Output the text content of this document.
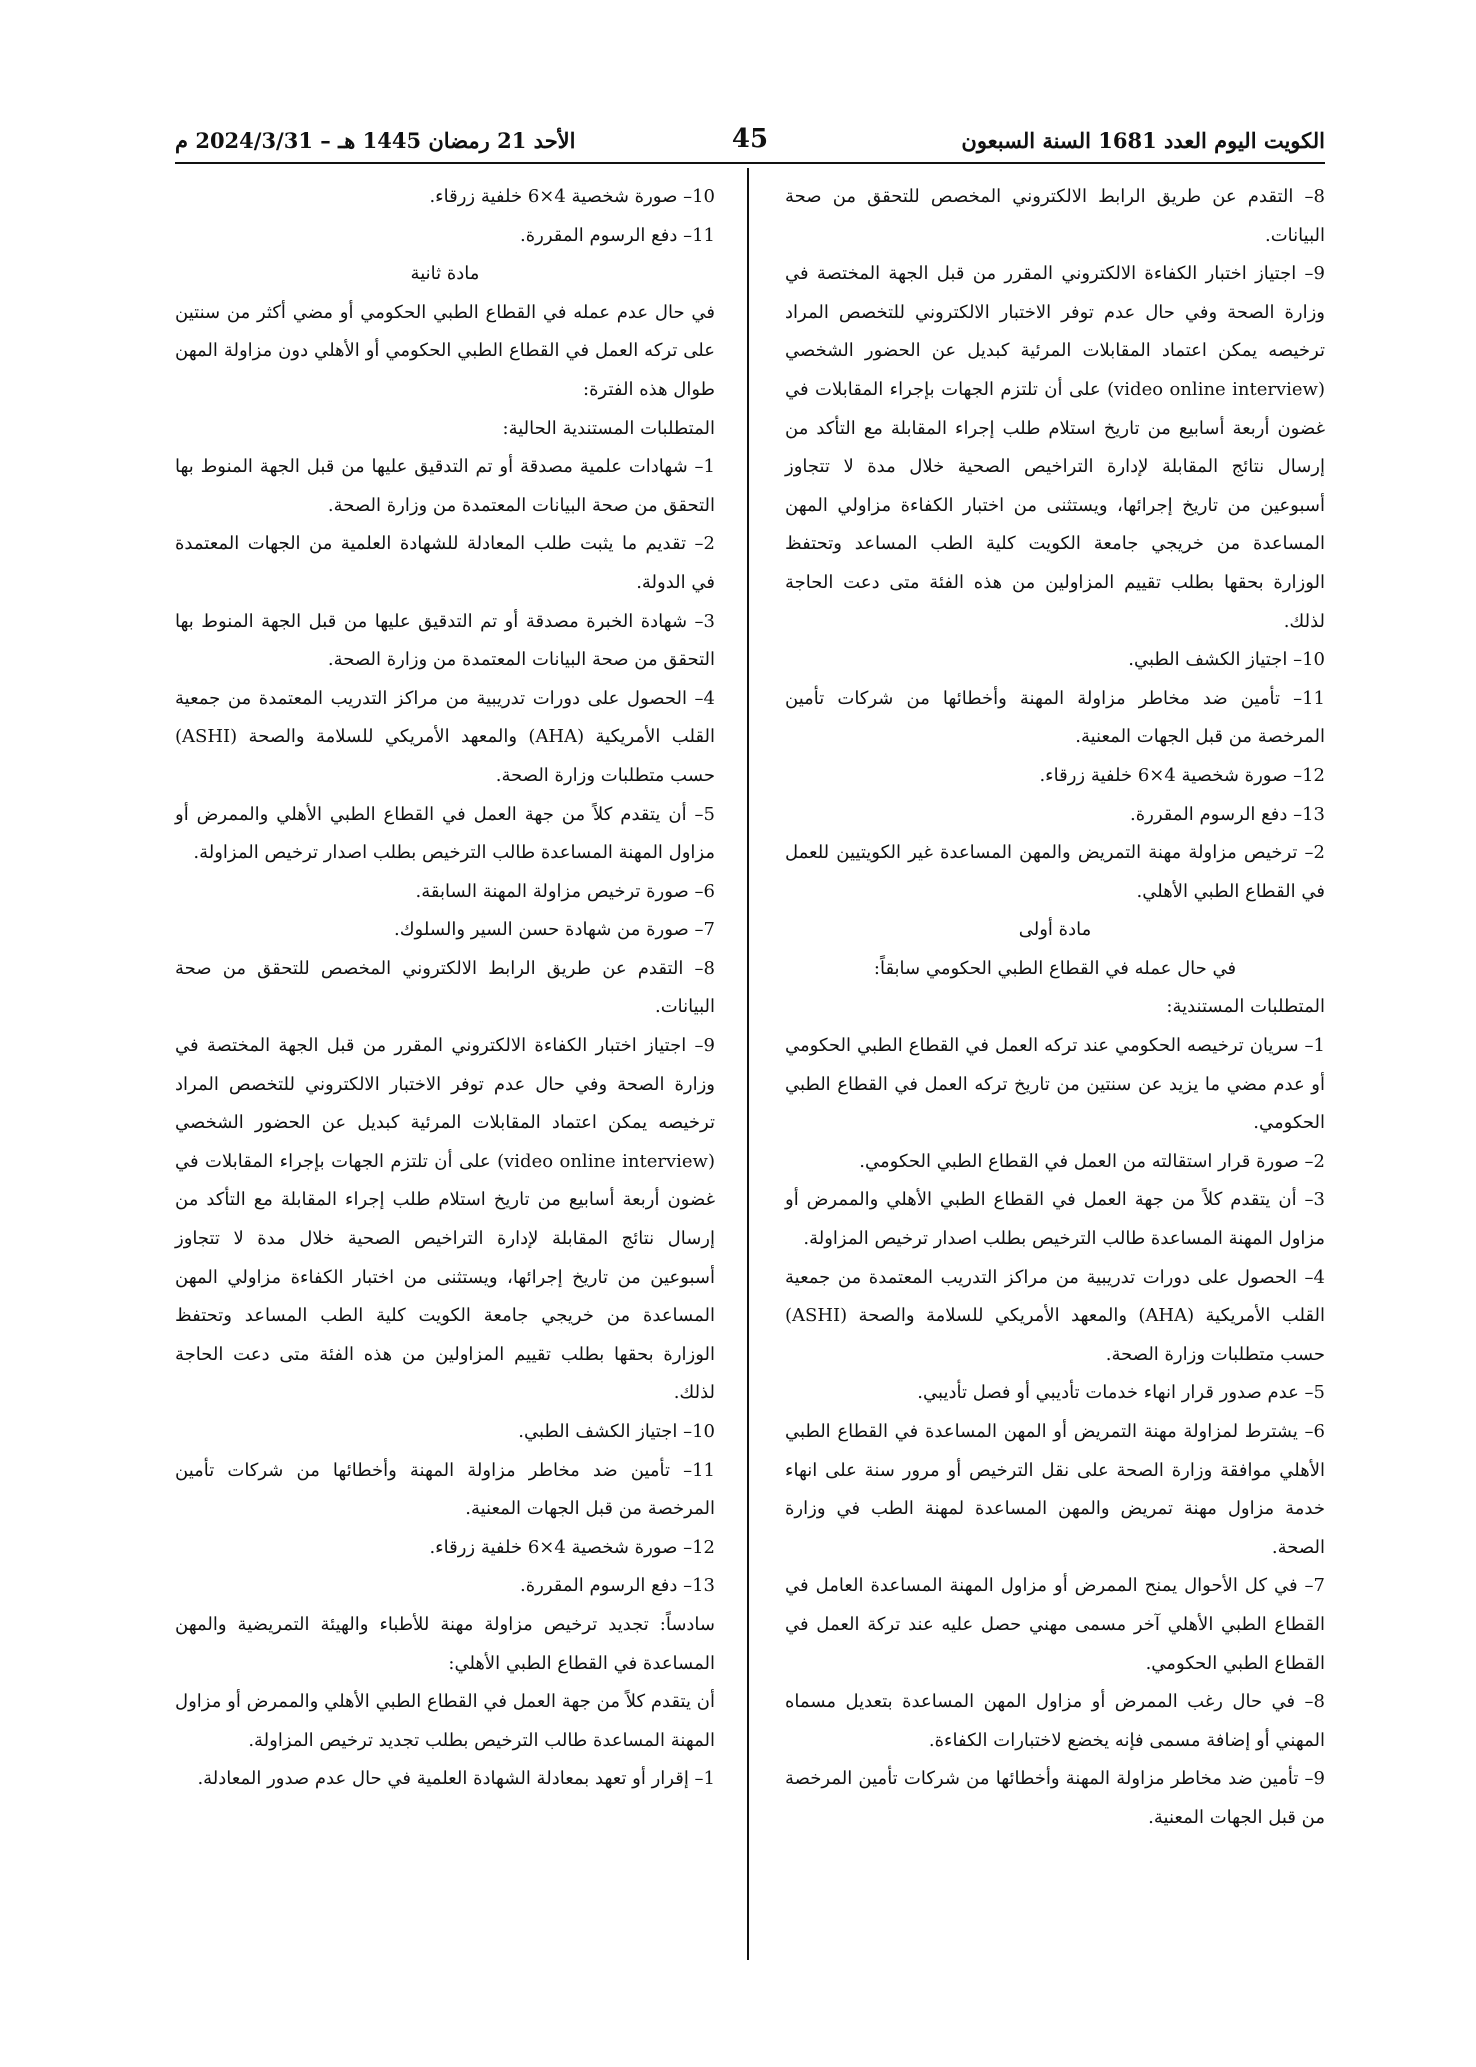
الكويت اليوم العدد 1681 السنة السبعون
45
الأحد 21 رمضان 1445 هـ – 2024/3/31 م

8– التقدم عن طريق الرابط الالكتروني المخصص للتحقق من صحة البيانات.

9– اجتياز اختبار الكفاءة الالكتروني المقرر من قبل الجهة المختصة في وزارة الصحة وفي حال عدم توفر الاختبار الالكتروني للتخصص المراد ترخيصه يمكن اعتماد المقابلات المرئية كبديل عن الحضور الشخصي (video online interview) على أن تلتزم الجهات بإجراء المقابلات في غضون أربعة أسابيع من تاريخ استلام طلب إجراء المقابلة مع التأكد من إرسال نتائج المقابلة لإدارة التراخيص الصحية خلال مدة لا تتجاوز أسبوعين من تاريخ إجرائها، ويستثنى من اختبار الكفاءة مزاولي المهن المساعدة من خريجي جامعة الكويت كلية الطب المساعد وتحتفظ الوزارة بحقها بطلب تقييم المزاولين من هذه الفئة متى دعت الحاجة لذلك.

10– اجتياز الكشف الطبي.

11– تأمين ضد مخاطر مزاولة المهنة وأخطائها من شركات تأمين المرخصة من قبل الجهات المعنية.

12– صورة شخصية 4×6 خلفية زرقاء.

13– دفع الرسوم المقررة.

2– ترخيص مزاولة مهنة التمريض والمهن المساعدة غير الكويتيين للعمل في القطاع الطبي الأهلي.

مادة أولى

في حال عمله في القطاع الطبي الحكومي سابقاً:

المتطلبات المستندية:

1– سريان ترخيصه الحكومي عند تركه العمل في القطاع الطبي الحكومي أو عدم مضي ما يزيد عن سنتين من تاريخ تركه العمل في القطاع الطبي الحكومي.

2– صورة قرار استقالته من العمل في القطاع الطبي الحكومي.

3– أن يتقدم كلاً من جهة العمل في القطاع الطبي الأهلي والممرض أو مزاول المهنة المساعدة طالب الترخيص بطلب اصدار ترخيص المزاولة.

4– الحصول على دورات تدريبية من مراكز التدريب المعتمدة من جمعية القلب الأمريكية (AHA) والمعهد الأمريكي للسلامة والصحة (ASHI) حسب متطلبات وزارة الصحة.

5– عدم صدور قرار انهاء خدمات تأديبي أو فصل تأديبي.

6– يشترط لمزاولة مهنة التمريض أو المهن المساعدة في القطاع الطبي الأهلي موافقة وزارة الصحة على نقل الترخيص أو مرور سنة على انهاء خدمة مزاول مهنة تمريض والمهن المساعدة لمهنة الطب في وزارة الصحة.

7– في كل الأحوال يمنح الممرض أو مزاول المهنة المساعدة العامل في القطاع الطبي الأهلي آخر مسمى مهني حصل عليه عند تركة العمل في القطاع الطبي الحكومي.

8– في حال رغب الممرض أو مزاول المهن المساعدة بتعديل مسماه المهني أو إضافة مسمى فإنه يخضع لاختبارات الكفاءة.

9– تأمين ضد مخاطر مزاولة المهنة وأخطائها من شركات تأمين المرخصة من قبل الجهات المعنية.

10– صورة شخصية 4×6 خلفية زرقاء.

11– دفع الرسوم المقررة.

مادة ثانية

في حال عدم عمله في القطاع الطبي الحكومي أو مضي أكثر من سنتين على تركه العمل في القطاع الطبي الحكومي أو الأهلي دون مزاولة المهن طوال هذه الفترة:

المتطلبات المستندية الحالية:

1– شهادات علمية مصدقة أو تم التدقيق عليها من قبل الجهة المنوط بها التحقق من صحة البيانات المعتمدة من وزارة الصحة.

2– تقديم ما يثبت طلب المعادلة للشهادة العلمية من الجهات المعتمدة في الدولة.

3– شهادة الخبرة مصدقة أو تم التدقيق عليها من قبل الجهة المنوط بها التحقق من صحة البيانات المعتمدة من وزارة الصحة.

4– الحصول على دورات تدريبية من مراكز التدريب المعتمدة من جمعية القلب الأمريكية (AHA) والمعهد الأمريكي للسلامة والصحة (ASHI) حسب متطلبات وزارة الصحة.

5– أن يتقدم كلاً من جهة العمل في القطاع الطبي الأهلي والممرض أو مزاول المهنة المساعدة طالب الترخيص بطلب اصدار ترخيص المزاولة.

6– صورة ترخيص مزاولة المهنة السابقة.

7– صورة من شهادة حسن السير والسلوك.

8– التقدم عن طريق الرابط الالكتروني المخصص للتحقق من صحة البيانات.

9– اجتياز اختبار الكفاءة الالكتروني المقرر من قبل الجهة المختصة في وزارة الصحة وفي حال عدم توفر الاختبار الالكتروني للتخصص المراد ترخيصه يمكن اعتماد المقابلات المرئية كبديل عن الحضور الشخصي (video online interview) على أن تلتزم الجهات بإجراء المقابلات في غضون أربعة أسابيع من تاريخ استلام طلب إجراء المقابلة مع التأكد من إرسال نتائج المقابلة لإدارة التراخيص الصحية خلال مدة لا تتجاوز أسبوعين من تاريخ إجرائها، ويستثنى من اختبار الكفاءة مزاولي المهن المساعدة من خريجي جامعة الكويت كلية الطب المساعد وتحتفظ الوزارة بحقها بطلب تقييم المزاولين من هذه الفئة متى دعت الحاجة لذلك.

10– اجتياز الكشف الطبي.

11– تأمين ضد مخاطر مزاولة المهنة وأخطائها من شركات تأمين المرخصة من قبل الجهات المعنية.

12– صورة شخصية 4×6 خلفية زرقاء.

13– دفع الرسوم المقررة.

سادساً: تجديد ترخيص مزاولة مهنة للأطباء والهيئة التمريضية والمهن المساعدة في القطاع الطبي الأهلي:

أن يتقدم كلاً من جهة العمل في القطاع الطبي الأهلي والممرض أو مزاول المهنة المساعدة طالب الترخيص بطلب تجديد ترخيص المزاولة.

1– إقرار أو تعهد بمعادلة الشهادة العلمية في حال عدم صدور المعادلة.
